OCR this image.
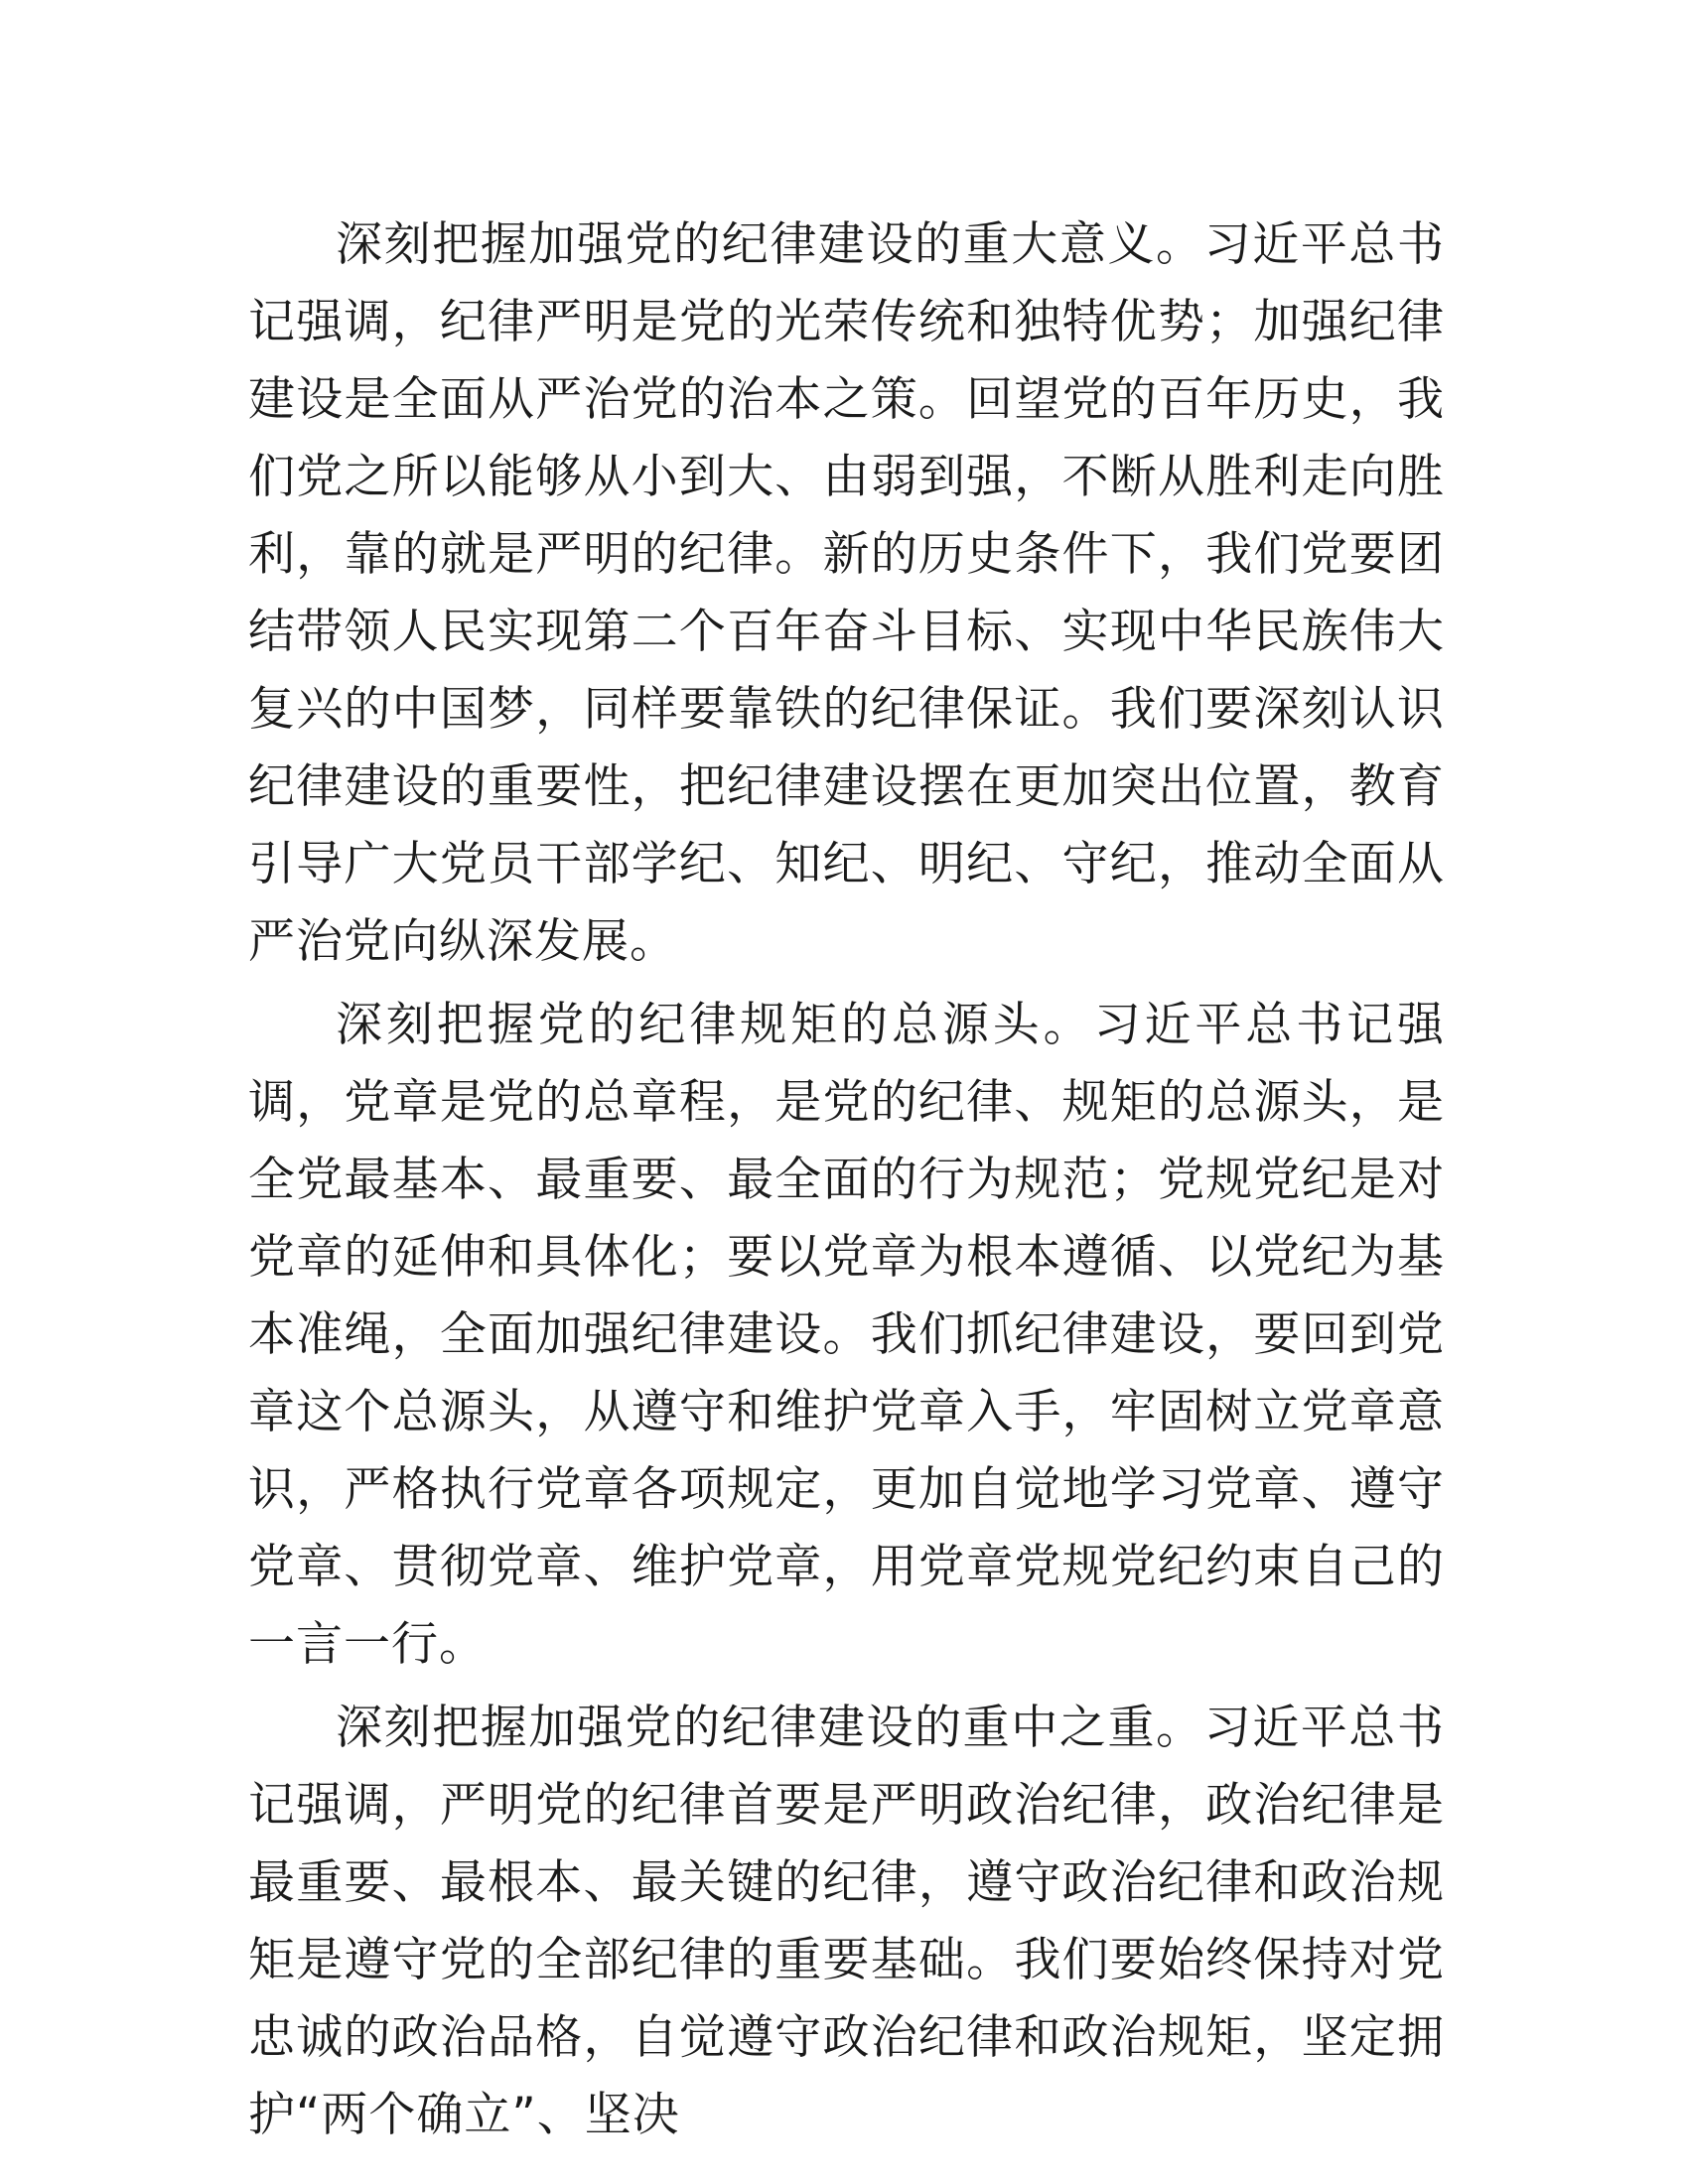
深刻把握加强党的纪律建设的重大意义。习近平总书记强调，纪律严明是党的光荣传统和独特优势；加强纪律建设是全面从严治党的治本之策。回望党的百年历史，我们党之所以能够从小到大、由弱到强，不断从胜利走向胜利，靠的就是严明的纪律。新的历史条件下，我们党要团结带领人民实现第二个百年奋斗目标、实现中华民族伟大复兴的中国梦，同样要靠铁的纪律保证。我们要深刻认识纪律建设的重要性，把纪律建设摆在更加突出位置，教育引导广大党员干部学纪、知纪、明纪、守纪，推动全面从严治党向纵深发展。

深刻把握党的纪律规矩的总源头。习近平总书记强调，党章是党的总章程，是党的纪律、规矩的总源头，是全党最基本、最重要、最全面的行为规范；党规党纪是对党章的延伸和具体化；要以党章为根本遵循、以党纪为基本准绳，全面加强纪律建设。我们抓纪律建设，要回到党章这个总源头，从遵守和维护党章入手，牢固树立党章意识，严格执行党章各项规定，更加自觉地学习党章、遵守党章、贯彻党章、维护党章，用党章党规党纪约束自己的一言一行。

深刻把握加强党的纪律建设的重中之重。习近平总书记强调，严明党的纪律首要是严明政治纪律，政治纪律是最重要、最根本、最关键的纪律，遵守政治纪律和政治规矩是遵守党的全部纪律的重要基础。我们要始终保持对党忠诚的政治品格，自觉遵守政治纪律和政治规矩，坚定拥护“两个确立”、坚决
